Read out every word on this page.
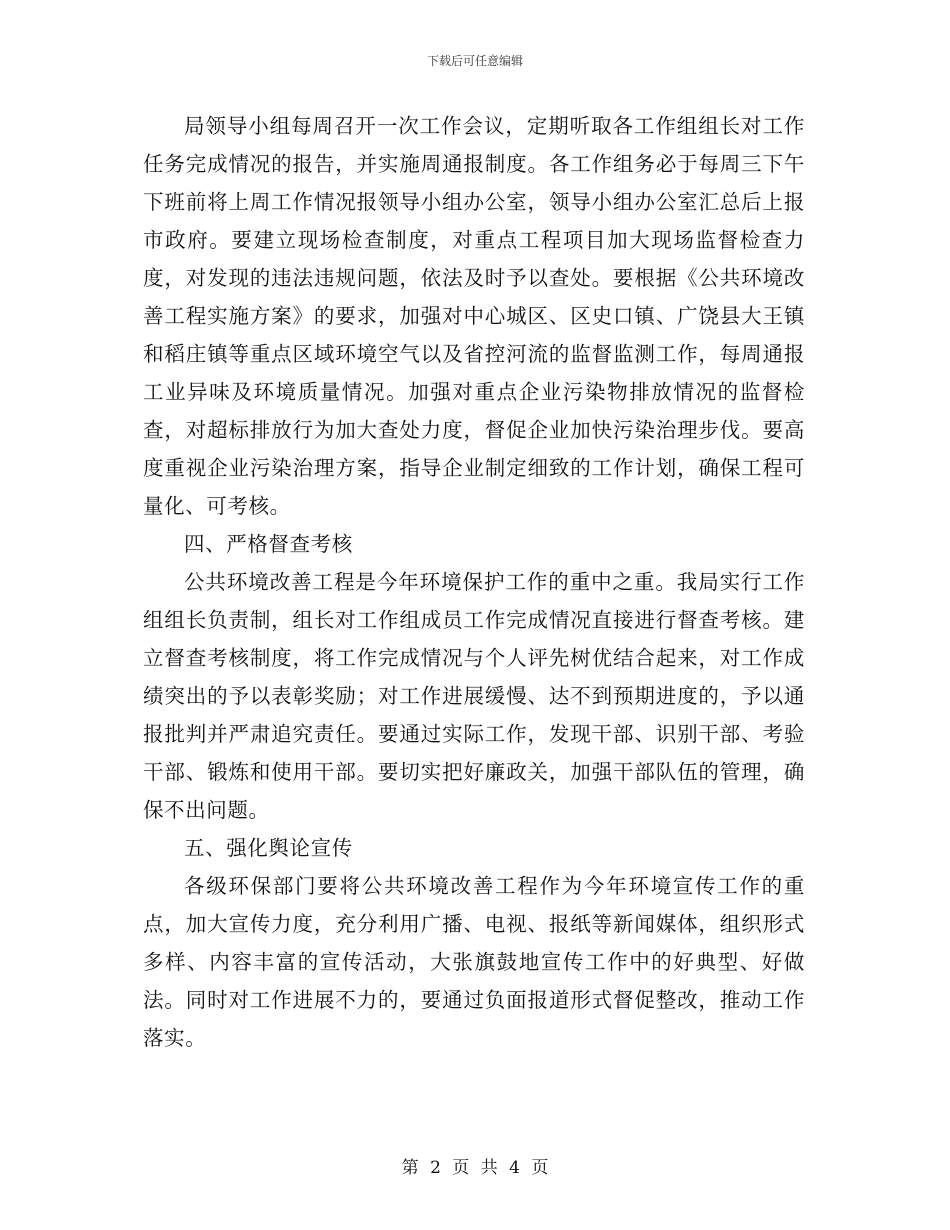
下载后可任意编辑

局领导小组每周召开一次工作会议，定期听取各工作组组长对工作任务完成情况的报告，并实施周通报制度。各工作组务必于每周三下午下班前将上周工作情况报领导小组办公室，领导小组办公室汇总后上报市政府。要建立现场检查制度，对重点工程项目加大现场监督检查力度，对发现的违法违规问题，依法及时予以查处。要根据《公共环境改善工程实施方案》的要求，加强对中心城区、区史口镇、广饶县大王镇和稻庄镇等重点区域环境空气以及省控河流的监督监测工作，每周通报工业异味及环境质量情况。加强对重点企业污染物排放情况的监督检查，对超标排放行为加大查处力度，督促企业加快污染治理步伐。要高度重视企业污染治理方案，指导企业制定细致的工作计划，确保工程可量化、可考核。

四、严格督查考核

公共环境改善工程是今年环境保护工作的重中之重。我局实行工作组组长负责制，组长对工作组成员工作完成情况直接进行督查考核。建立督查考核制度，将工作完成情况与个人评先树优结合起来，对工作成绩突出的予以表彰奖励；对工作进展缓慢、达不到预期进度的，予以通报批判并严肃追究责任。要通过实际工作，发现干部、识别干部、考验干部、锻炼和使用干部。要切实把好廉政关，加强干部队伍的管理，确保不出问题。

五、强化舆论宣传

各级环保部门要将公共环境改善工程作为今年环境宣传工作的重点，加大宣传力度，充分利用广播、电视、报纸等新闻媒体，组织形式多样、内容丰富的宣传活动，大张旗鼓地宣传工作中的好典型、好做法。同时对工作进展不力的，要通过负面报道形式督促整改，推动工作落实。

第 2 页 共 4 页
